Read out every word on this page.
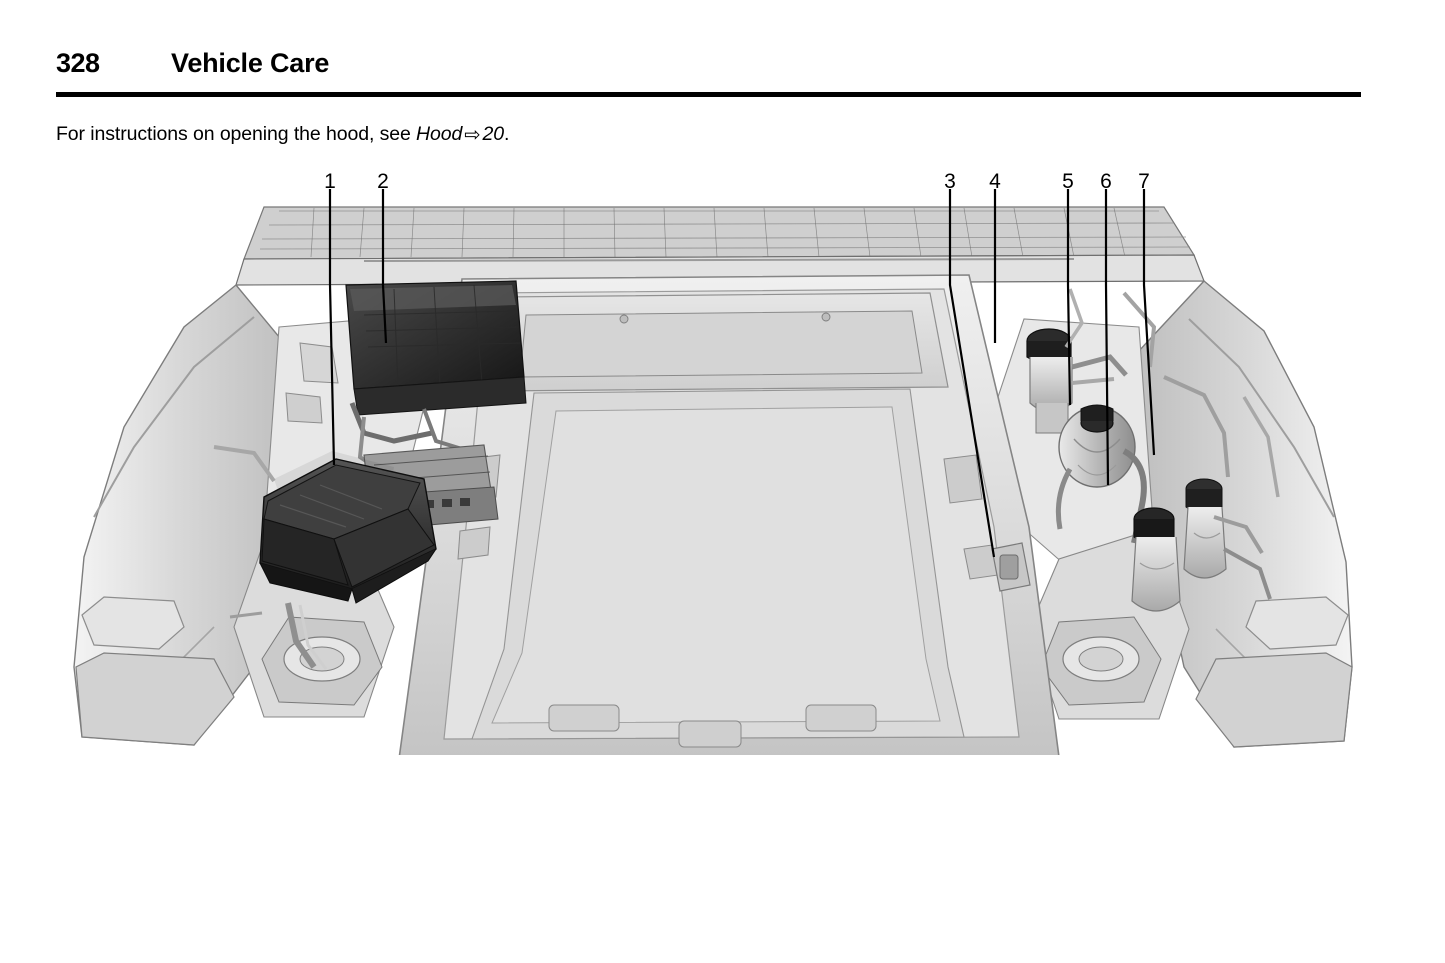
328	Vehicle Care
For instructions on opening the hood, see Hood ⇨ 20.
1 2	3 4	5 6 7
